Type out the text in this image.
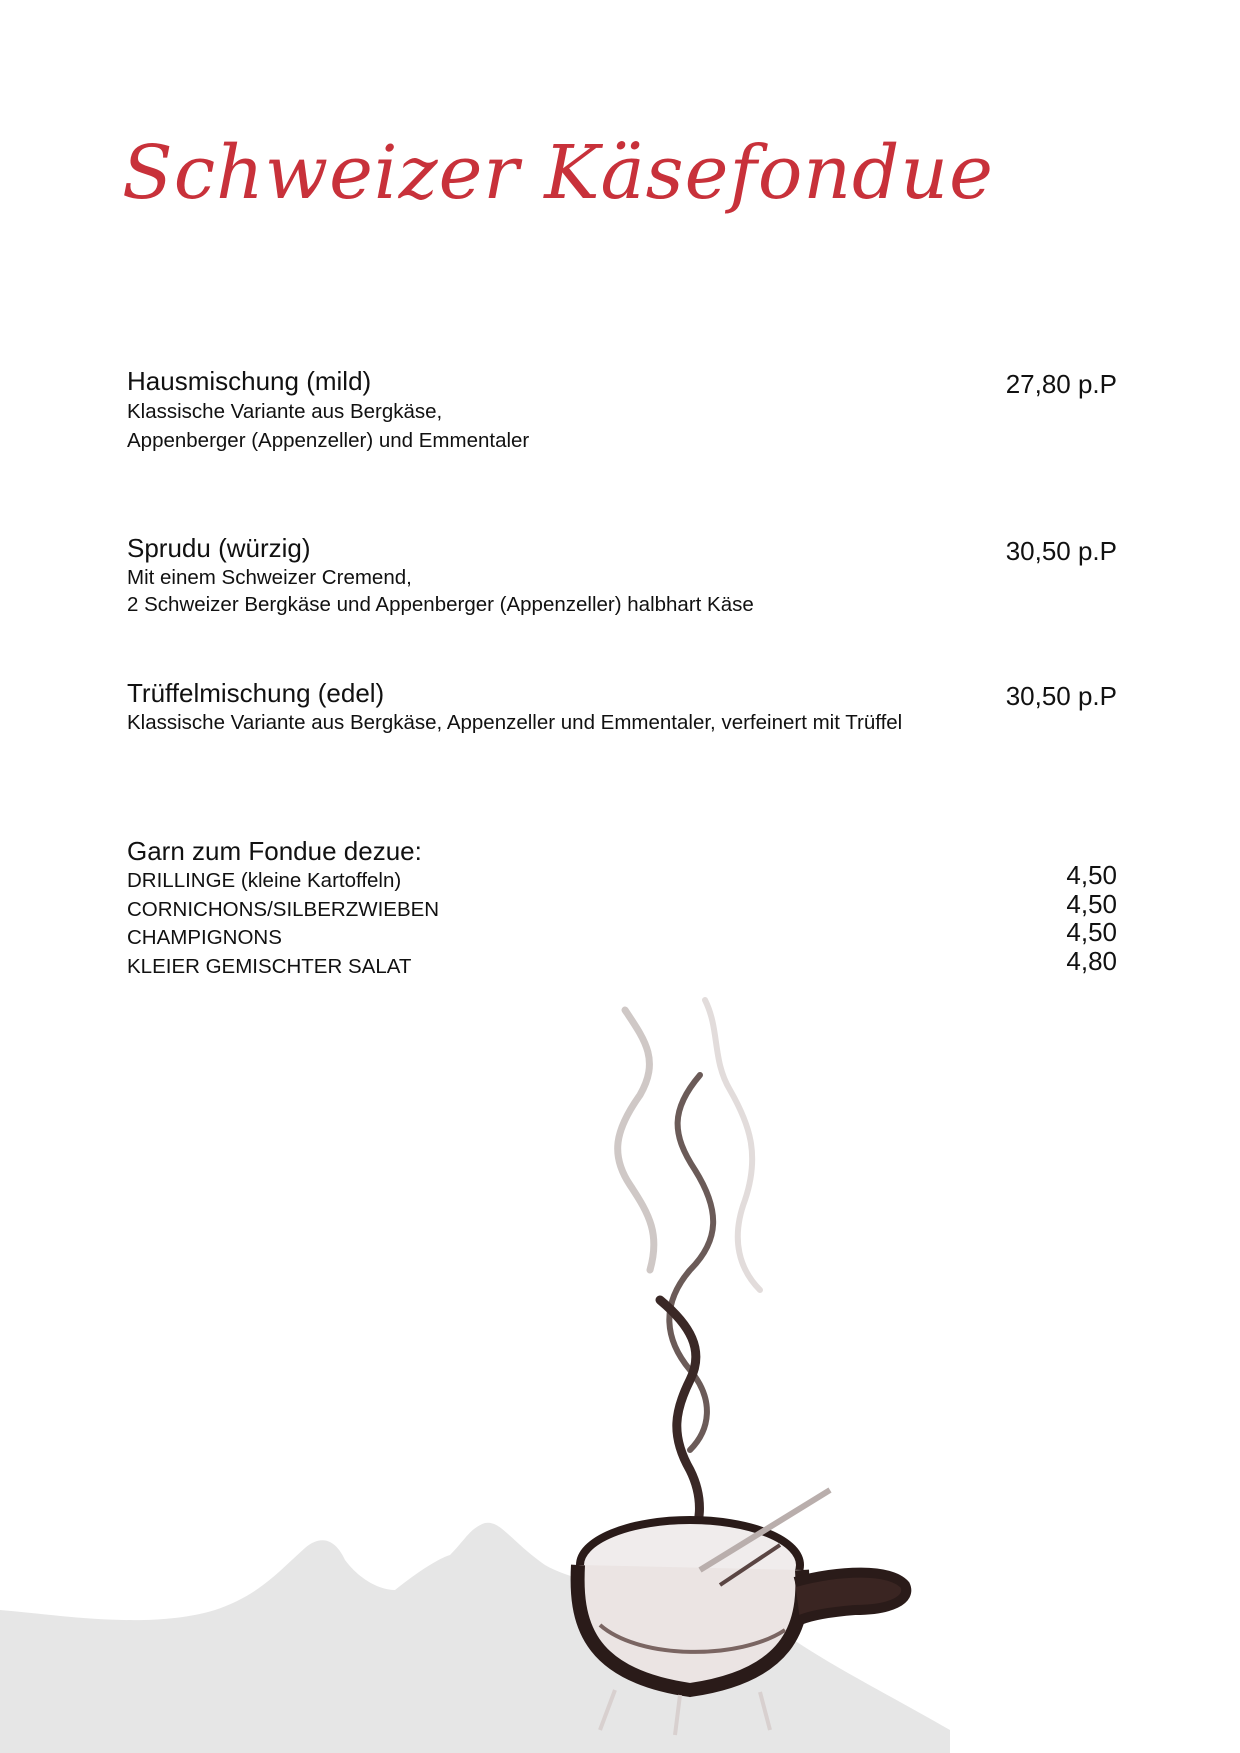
Schweizer Käsefondue
Hausmischung (mild)
Klassische Variante aus Bergkäse,
Appenberger (Appenzeller) und Emmentaler
27,80 p.P
Sprudu (würzig)
Mit einem Schweizer Cremend,
2 Schweizer Bergkäse und Appenberger (Appenzeller) halbhart Käse
30,50 p.P
Trüffelmischung (edel)
Klassische Variante aus Bergkäse, Appenzeller und Emmentaler, verfeinert mit Trüffel
30,50 p.P
Garn zum Fondue dezue:
DRILLINGE (kleine Kartoffeln)	4,50
CORNICHONS/SILBERZWIEBEN	4,50
CHAMPIGNONS	4,50
KLEIER GEMISCHTER SALAT	4,80
